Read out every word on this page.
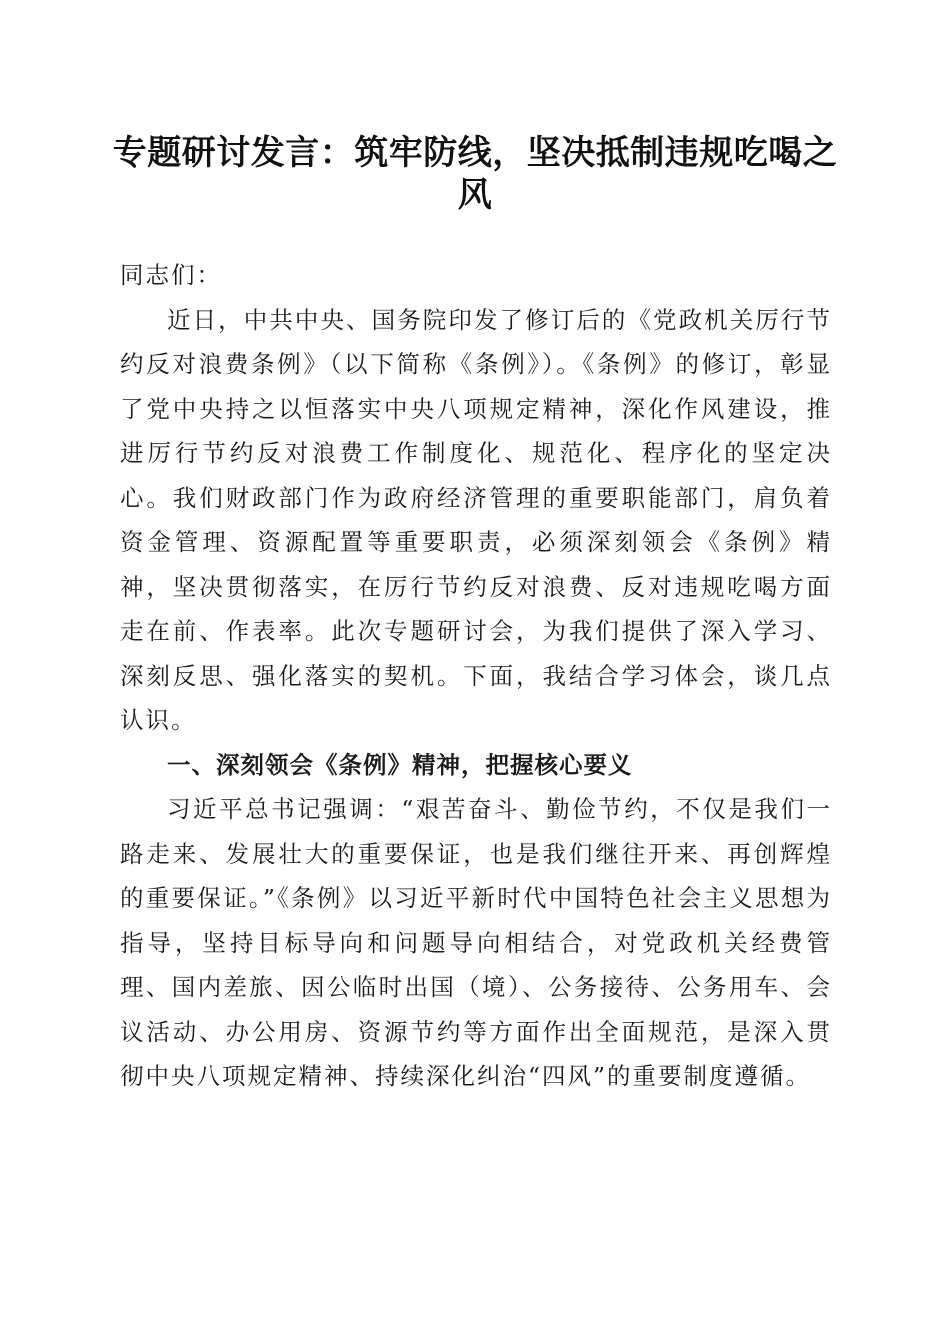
专题研讨发言：筑牢防线，坚决抵制违规吃喝之风

同志们：

近日，中共中央、国务院印发了修订后的《党政机关厉行节约反对浪费条例》（以下简称《条例》）。《条例》的修订，彰显了党中央持之以恒落实中央八项规定精神，深化作风建设，推进厉行节约反对浪费工作制度化、规范化、程序化的坚定决心。我们财政部门作为政府经济管理的重要职能部门，肩负着资金管理、资源配置等重要职责，必须深刻领会《条例》精神，坚决贯彻落实，在厉行节约反对浪费、反对违规吃喝方面走在前、作表率。此次专题研讨会，为我们提供了深入学习、深刻反思、强化落实的契机。下面，我结合学习体会，谈几点认识。

一、深刻领会《条例》精神，把握核心要义

习近平总书记强调：“艰苦奋斗、勤俭节约，不仅是我们一路走来、发展壮大的重要保证，也是我们继往开来、再创辉煌的重要保证。”《条例》以习近平新时代中国特色社会主义思想为指导，坚持目标导向和问题导向相结合，对党政机关经费管理、国内差旅、因公临时出国（境）、公务接待、公务用车、会议活动、办公用房、资源节约等方面作出全面规范，是深入贯彻中央八项规定精神、持续深化纠治“四风”的重要制度遵循。
